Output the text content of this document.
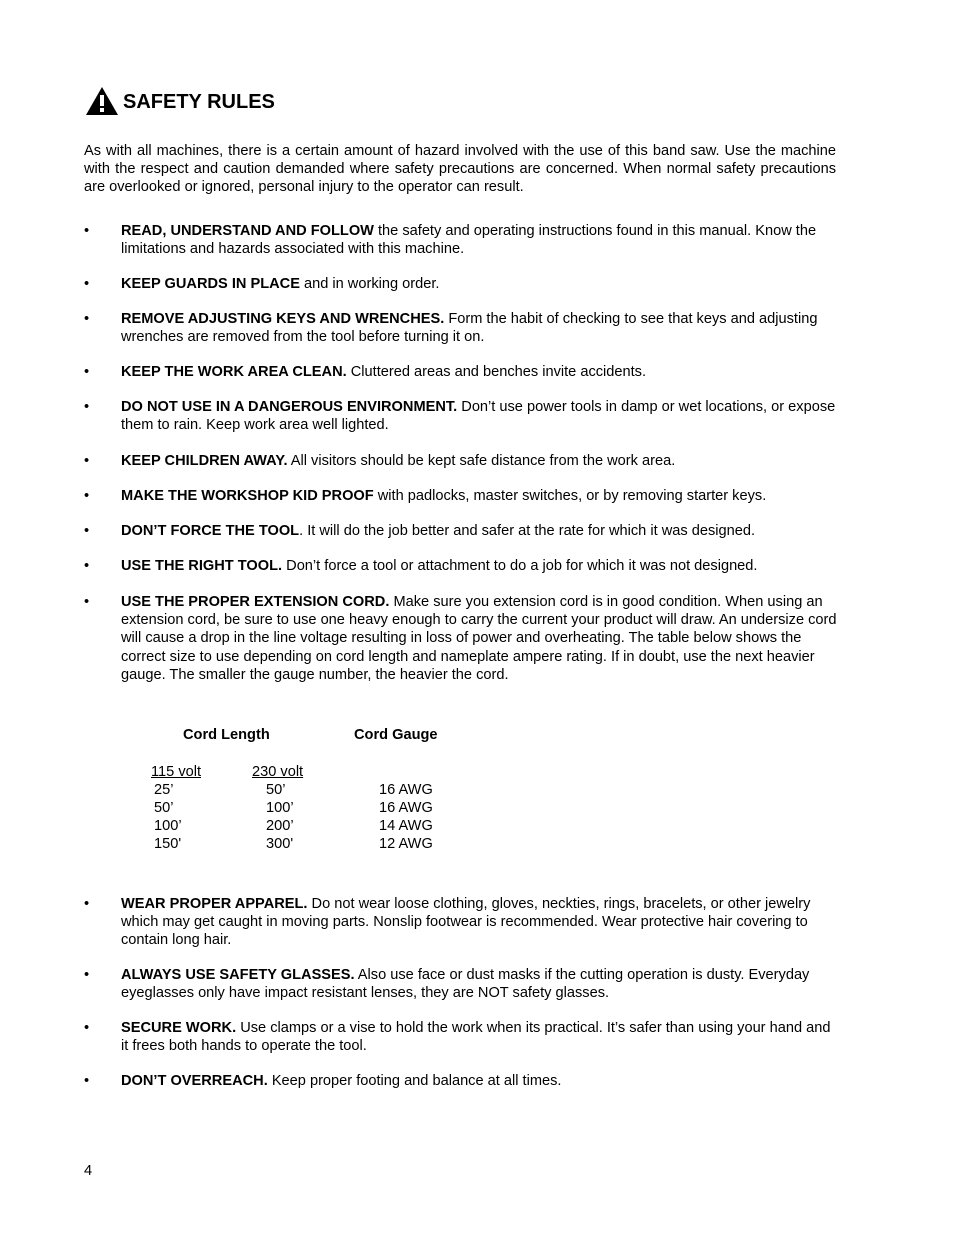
SAFETY RULES

As with all machines, there is a certain amount of hazard involved with the use of this band saw. Use the machine with the respect and caution demanded where safety precautions are concerned. When normal safety precautions are overlooked or ignored, personal injury to the operator can result.

•	READ, UNDERSTAND AND FOLLOW the safety and operating instructions found in this manual. Know the limitations and hazards associated with this machine.
•	KEEP GUARDS IN PLACE and in working order.
•	REMOVE ADJUSTING KEYS AND WRENCHES. Form the habit of checking to see that keys and adjusting wrenches are removed from the tool before turning it on.
•	KEEP THE WORK AREA CLEAN. Cluttered areas and benches invite accidents.
•	DO NOT USE IN A DANGEROUS ENVIRONMENT. Don’t use power tools in damp or wet locations, or expose them to rain. Keep work area well lighted.
•	KEEP CHILDREN AWAY. All visitors should be kept safe distance from the work area.
•	MAKE THE WORKSHOP KID PROOF with padlocks, master switches, or by removing starter keys.
•	DON’T FORCE THE TOOL. It will do the job better and safer at the rate for which it was designed.
•	USE THE RIGHT TOOL. Don’t force a tool or attachment to do a job for which it was not designed.
•	USE THE PROPER EXTENSION CORD. Make sure you extension cord is in good condition. When using an extension cord, be sure to use one heavy enough to carry the current your product will draw. An undersize cord will cause a drop in the line voltage resulting in loss of power and overheating. The table below shows the correct size to use depending on cord length and nameplate ampere rating. If in doubt, use the next heavier gauge. The smaller the gauge number, the heavier the cord.
Cord Length	Cord Gauge
115 volt	230 volt
25’	50’	16 AWG
50’	100’	16 AWG
100’	200’	14 AWG
150'	300'	12 AWG
•	WEAR PROPER APPAREL. Do not wear loose clothing, gloves, neckties, rings, bracelets, or other jewelry which may get caught in moving parts. Nonslip footwear is recommended. Wear protective hair covering to contain long hair.
•	ALWAYS USE SAFETY GLASSES. Also use face or dust masks if the cutting operation is dusty. Everyday eyeglasses only have impact resistant lenses, they are NOT safety glasses.
•	SECURE WORK. Use clamps or a vise to hold the work when its practical. It’s safer than using your hand and it frees both hands to operate the tool.
•	DON’T OVERREACH. Keep proper footing and balance at all times.
4
